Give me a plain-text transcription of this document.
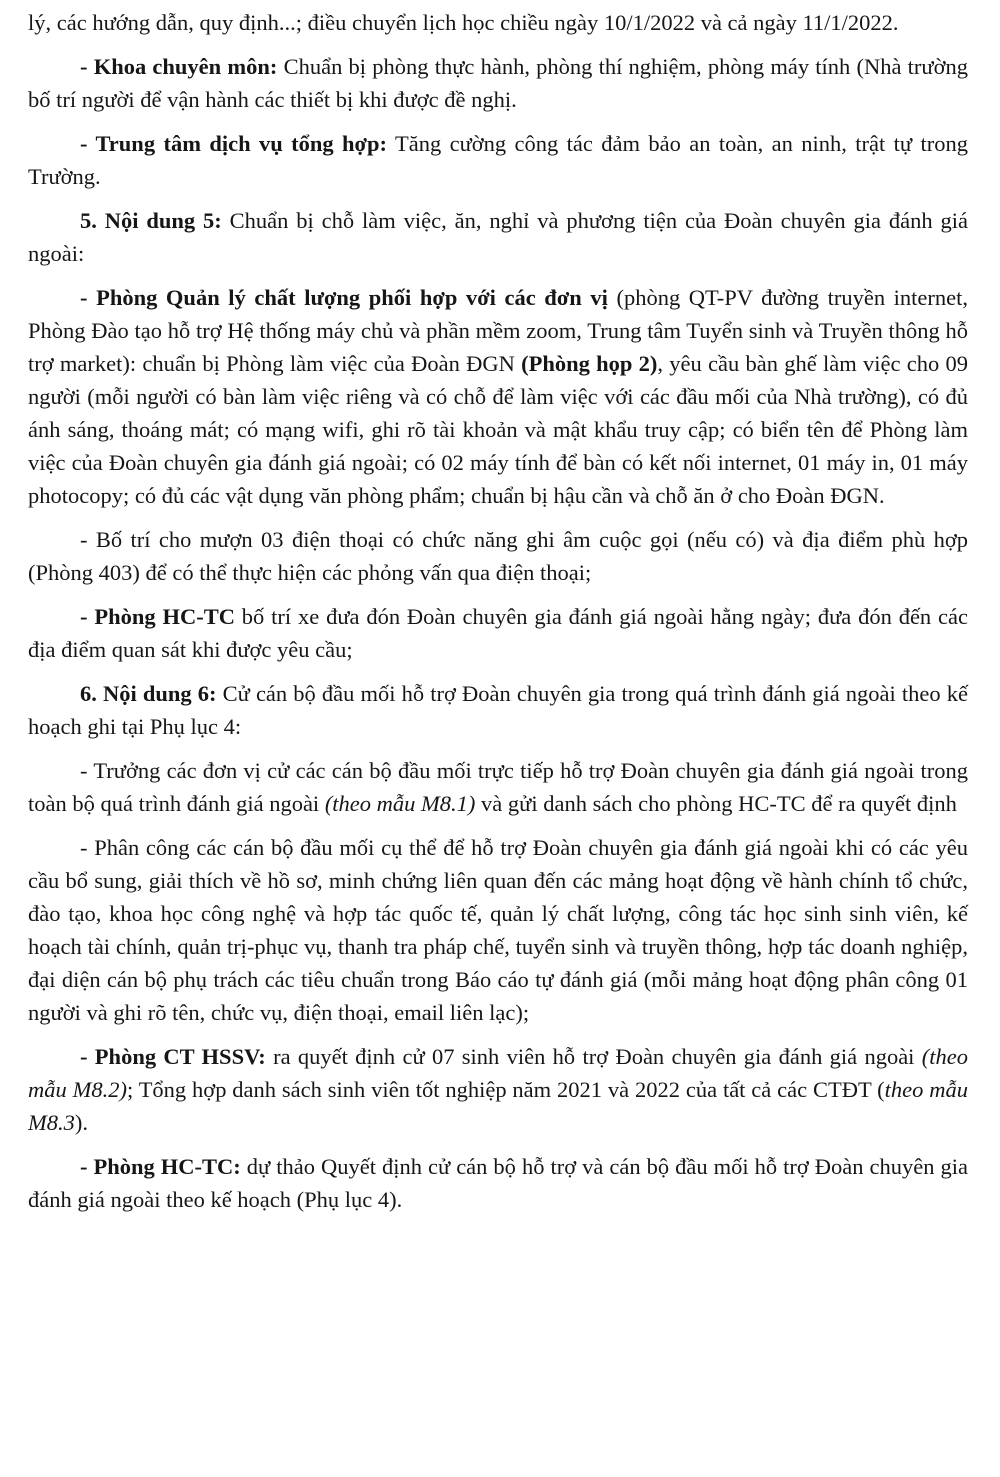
lý, các hướng dẫn, quy định...; điều chuyển lịch học chiều ngày 10/1/2022 và cả ngày 11/1/2022.

- Khoa chuyên môn: Chuẩn bị phòng thực hành, phòng thí nghiệm, phòng máy tính (Nhà trường bố trí người để vận hành các thiết bị khi được đề nghị.

- Trung tâm dịch vụ tổng hợp: Tăng cường công tác đảm bảo an toàn, an ninh, trật tự trong Trường.

5. Nội dung 5: Chuẩn bị chỗ làm việc, ăn, nghỉ và phương tiện của Đoàn chuyên gia đánh giá ngoài:

- Phòng Quản lý chất lượng phối hợp với các đơn vị (phòng QT-PV đường truyền internet, Phòng Đào tạo hỗ trợ Hệ thống máy chủ và phần mềm zoom, Trung tâm Tuyển sinh và Truyền thông hỗ trợ market): chuẩn bị Phòng làm việc của Đoàn ĐGN (Phòng họp 2), yêu cầu bàn ghế làm việc cho 09 người (mỗi người có bàn làm việc riêng và có chỗ để làm việc với các đầu mối của Nhà trường), có đủ ánh sáng, thoáng mát; có mạng wifi, ghi rõ tài khoản và mật khẩu truy cập; có biển tên để Phòng làm việc của Đoàn chuyên gia đánh giá ngoài; có 02 máy tính để bàn có kết nối internet, 01 máy in, 01 máy photocopy; có đủ các vật dụng văn phòng phẩm; chuẩn bị hậu cần và chỗ ăn ở cho Đoàn ĐGN.

- Bố trí cho mượn 03 điện thoại có chức năng ghi âm cuộc gọi (nếu có) và địa điểm phù hợp (Phòng 403) để có thể thực hiện các phỏng vấn qua điện thoại;

- Phòng HC-TC bố trí xe đưa đón Đoàn chuyên gia đánh giá ngoài hằng ngày; đưa đón đến các địa điểm quan sát khi được yêu cầu;

6. Nội dung 6: Cử cán bộ đầu mối hỗ trợ Đoàn chuyên gia trong quá trình đánh giá ngoài theo kế hoạch ghi tại Phụ lục 4:

- Trưởng các đơn vị cử các cán bộ đầu mối trực tiếp hỗ trợ Đoàn chuyên gia đánh giá ngoài trong toàn bộ quá trình đánh giá ngoài (theo mẫu M8.1) và gửi danh sách cho phòng HC-TC để ra quyết định

- Phân công các cán bộ đầu mối cụ thể để hỗ trợ Đoàn chuyên gia đánh giá ngoài khi có các yêu cầu bổ sung, giải thích về hồ sơ, minh chứng liên quan đến các mảng hoạt động về hành chính tổ chức, đào tạo, khoa học công nghệ và hợp tác quốc tế, quản lý chất lượng, công tác học sinh sinh viên, kế hoạch tài chính, quản trị-phục vụ, thanh tra pháp chế, tuyển sinh và truyền thông, hợp tác doanh nghiệp, đại diện cán bộ phụ trách các tiêu chuẩn trong Báo cáo tự đánh giá (mỗi mảng hoạt động phân công 01 người và ghi rõ tên, chức vụ, điện thoại, email liên lạc);

- Phòng CT HSSV: ra quyết định cử 07 sinh viên hỗ trợ Đoàn chuyên gia đánh giá ngoài (theo mẫu M8.2); Tổng hợp danh sách sinh viên tốt nghiệp năm 2021 và 2022 của tất cả các CTĐT (theo mẫu M8.3).

- Phòng HC-TC: dự thảo Quyết định cử cán bộ hỗ trợ và cán bộ đầu mối hỗ trợ Đoàn chuyên gia đánh giá ngoài theo kế hoạch (Phụ lục 4).
